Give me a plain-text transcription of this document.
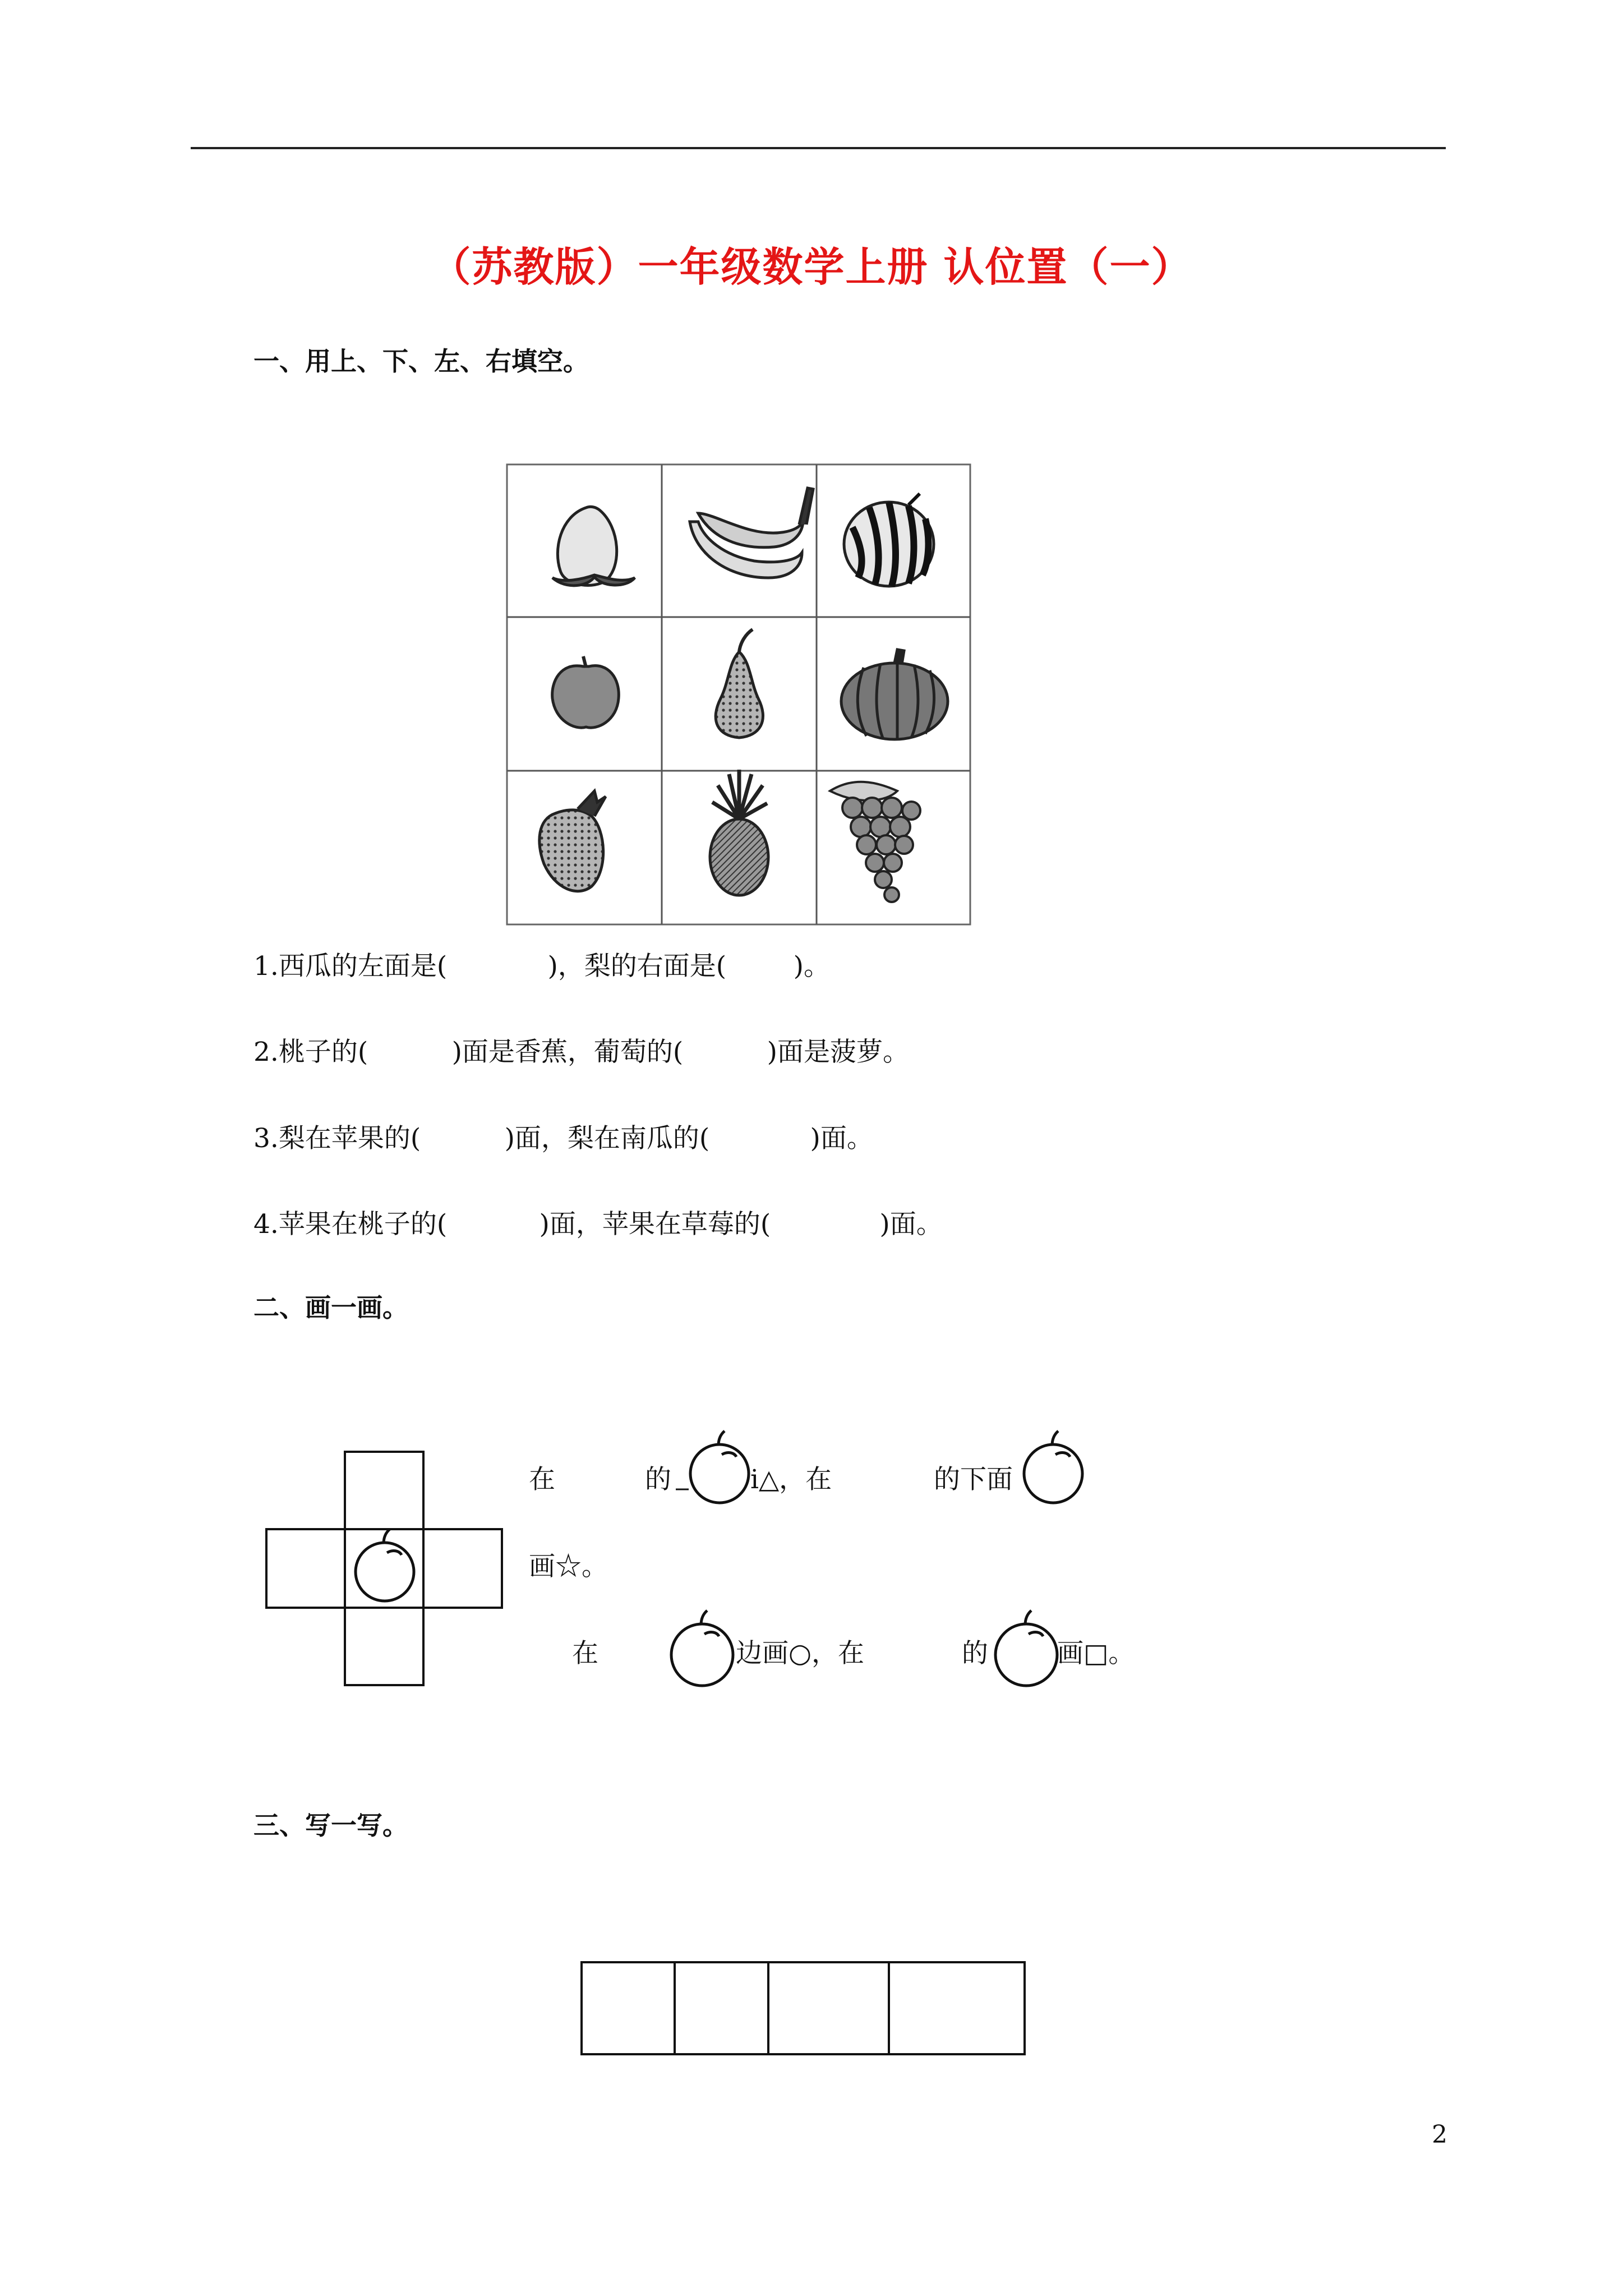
（苏教版）一年级数学上册 认位置（一）
一、用上、下、左、右填空。
1.西瓜的左面是(            )，梨的右面是(        )。
2.桃子的(          )面是香蕉，葡萄的(          )面是菠萝。
3.梨在苹果的(          )面，梨在南瓜的(            )面。
4.苹果在桃子的(           )面，苹果在草莓的(             )面。
二、画一画。
在	的	i△，在	的下面
画☆。
在	边画○，在	的	画□。
三、写一写。
2
